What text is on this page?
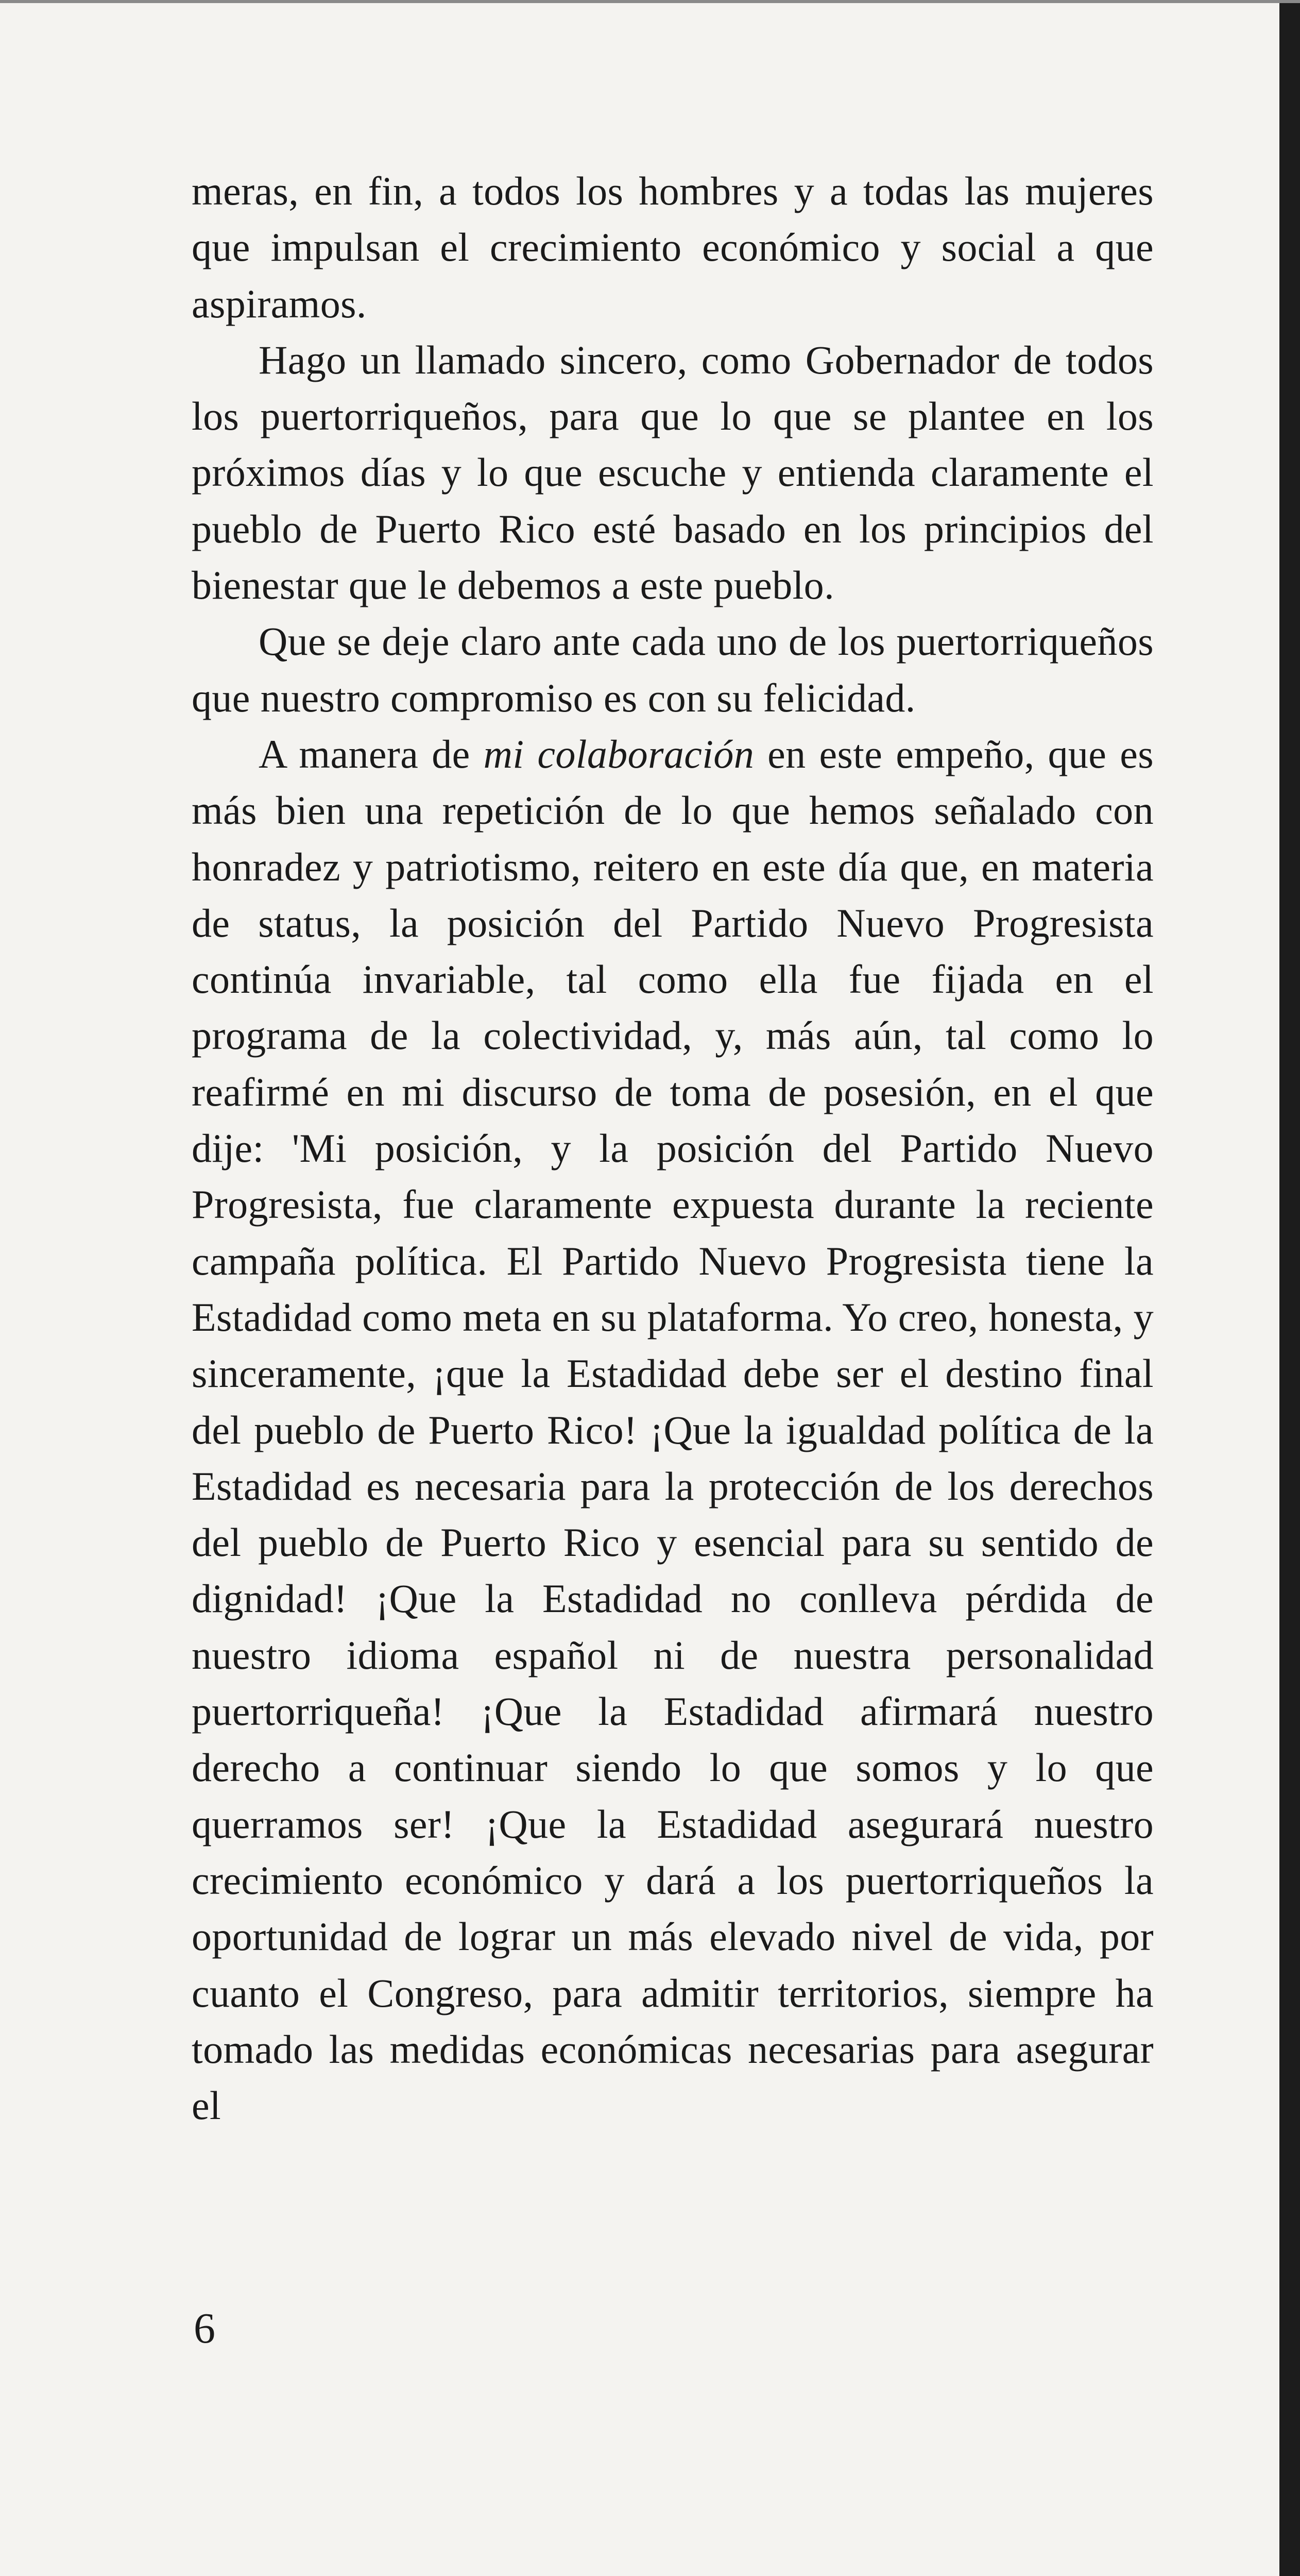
meras, en fin, a todos los hombres y a todas las mujeres que impulsan el crecimiento económico y social a que aspiramos.

Hago un llamado sincero, como Gobernador de todos los puertorriqueños, para que lo que se plantee en los próximos días y lo que escuche y entienda claramente el pueblo de Puerto Rico esté basado en los principios del bienestar que le debemos a este pueblo.

Que se deje claro ante cada uno de los puertorriqueños que nuestro compromiso es con su felicidad.

A manera de mi colaboración en este empeño, que es más bien una repetición de lo que hemos señalado con honradez y patriotismo, reitero en este día que, en materia de status, la posición del Partido Nuevo Progresista continúa invariable, tal como ella fue fijada en el programa de la colectividad, y, más aún, tal como lo reafirmé en mi discurso de toma de posesión, en el que dije: 'Mi posición, y la posición del Partido Nuevo Progresista, fue claramente expuesta durante la reciente campaña política. El Partido Nuevo Progresista tiene la Estadidad como meta en su plataforma. Yo creo, honesta, y sinceramente, ¡que la Estadidad debe ser el destino final del pueblo de Puerto Rico! ¡Que la igualdad política de la Estadidad es necesaria para la protección de los derechos del pueblo de Puerto Rico y esencial para su sentido de dignidad! ¡Que la Estadidad no conlleva pérdida de nuestro idioma español ni de nuestra personalidad puertorriqueña! ¡Que la Estadidad afirmará nuestro derecho a continuar siendo lo que somos y lo que querramos ser! ¡Que la Estadidad asegurará nuestro crecimiento económico y dará a los puertorriqueños la oportunidad de lograr un más elevado nivel de vida, por cuanto el Congreso, para admitir territorios, siempre ha tomado las medidas económicas necesarias para asegurar el

6
